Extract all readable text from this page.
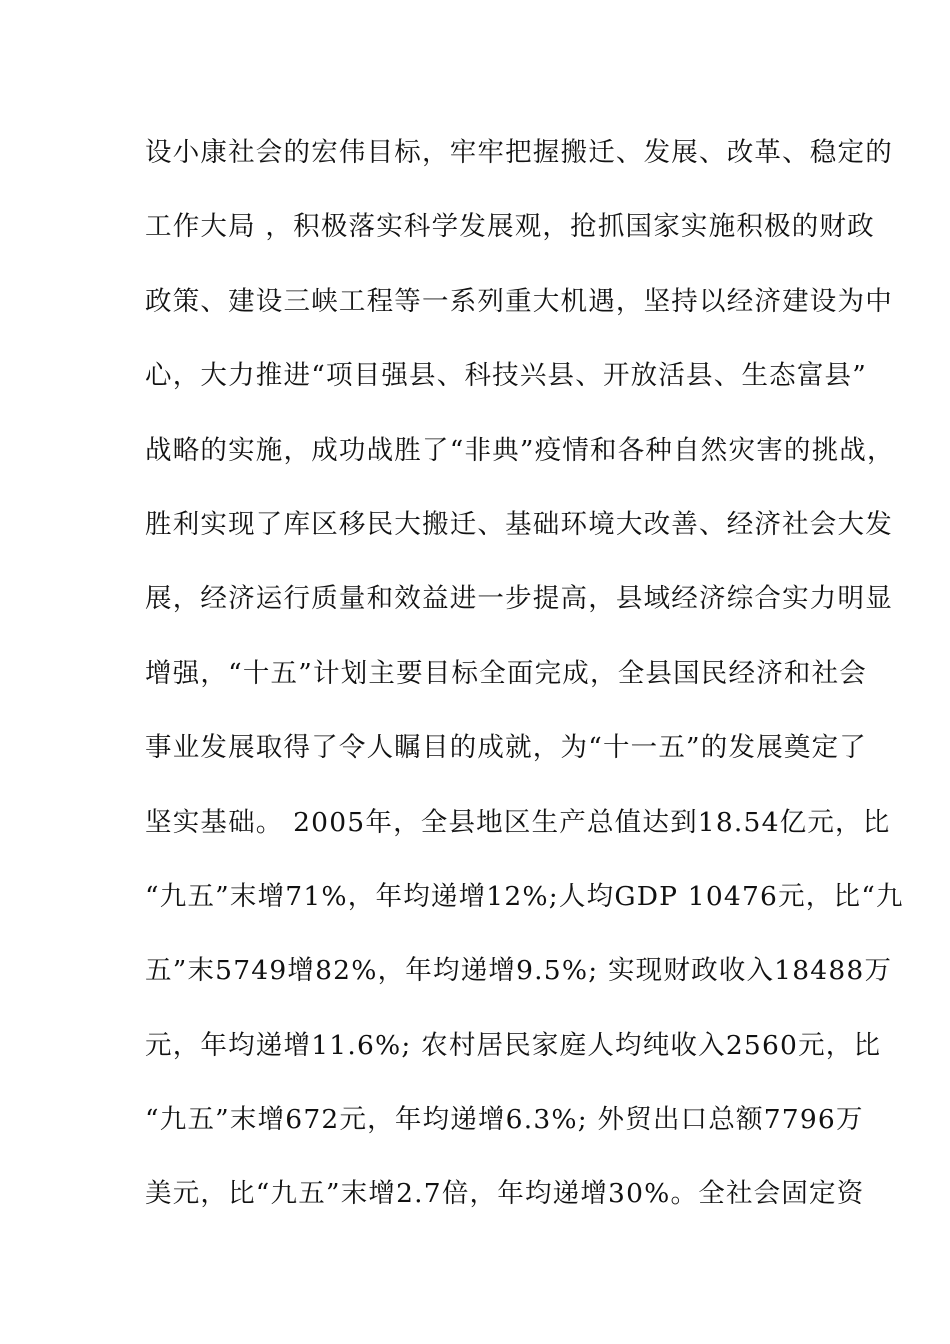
设小康社会的宏伟目标，牢牢把握搬迁、发展、改革、稳定的
工作大局 ，积极落实科学发展观，抢抓国家实施积极的财政
政策、建设三峡工程等一系列重大机遇，坚持以经济建设为中
心，大力推进“项目强县、科技兴县、开放活县、生态富县”
战略的实施，成功战胜了“非典”疫情和各种自然灾害的挑战，
胜利实现了库区移民大搬迁、基础环境大改善、经济社会大发
展，经济运行质量和效益进一步提高，县域经济综合实力明显
增强，“十五”计划主要目标全面完成，全县国民经济和社会
事业发展取得了令人瞩目的成就，为“十一五”的发展奠定了
坚实基础。 2005年，全县地区生产总值达到18.54亿元，比
“九五”末增71%，年均递增12%;人均GDP 10476元，比“九
五”末5749增82%，年均递增9.5%; 实现财政收入18488万
元，年均递增11.6%; 农村居民家庭人均纯收入2560元，比
“九五”末增672元，年均递增6.3%; 外贸出口总额7796万
美元，比“九五”末增2.7倍，年均递增30%。全社会固定资
